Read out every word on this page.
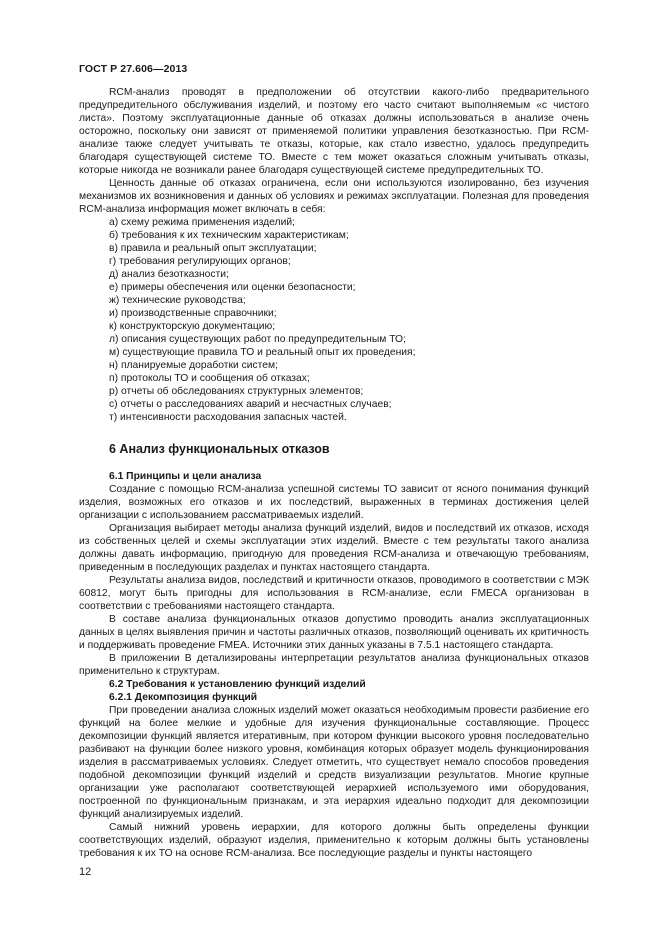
ГОСТ Р 27.606—2013

RCM-анализ проводят в предположении об отсутствии какого-либо предварительного предупредительного обслуживания изделий, и поэтому его часто считают выполняемым «с чистого листа». Поэтому эксплуатационные данные об отказах должны использоваться в анализе очень осторожно, поскольку они зависят от применяемой политики управления безотказностью. При RCM-анализе также следует учитывать те отказы, которые, как стало известно, удалось предупредить благодаря существующей системе ТО. Вместе с тем может оказаться сложным учитывать отказы, которые никогда не возникали ранее благодаря существующей системе предупредительных ТО.

Ценность данные об отказах ограничена, если они используются изолированно, без изучения механизмов их возникновения и данных об условиях и режимах эксплуатации. Полезная для проведения RCM-анализа информация может включать в себя:

а) схему режима применения изделий;
б) требования к их техническим характеристикам;
в) правила и реальный опыт эксплуатации;
г) требования регулирующих органов;
д) анализ безотказности;
е) примеры обеспечения или оценки безопасности;
ж) технические руководства;
и) производственные справочники;
к) конструкторскую документацию;
л) описания существующих работ по предупредительным ТО;
м) существующие правила ТО и реальный опыт их проведения;
н) планируемые доработки систем;
п) протоколы ТО и сообщения об отказах;
р) отчеты об обследованиях структурных элементов;
с) отчеты о расследованиях аварий и несчастных случаев;
т) интенсивности расходования запасных частей.
6 Анализ функциональных отказов
6.1 Принципы и цели анализа

Создание с помощью RCM-анализа успешной системы ТО зависит от ясного понимания функций изделия, возможных его отказов и их последствий, выраженных в терминах достижения целей организации с использованием рассматриваемых изделий.

Организация выбирает методы анализа функций изделий, видов и последствий их отказов, исходя из собственных целей и схемы эксплуатации этих изделий. Вместе с тем результаты такого анализа должны давать информацию, пригодную для проведения RCM-анализа и отвечающую требованиям, приведенным в последующих разделах и пунктах настоящего стандарта.

Результаты анализа видов, последствий и критичности отказов, проводимого в соответствии с МЭК 60812, могут быть пригодны для использования в RCM-анализе, если FMECA организован в соответствии с требованиями настоящего стандарта.

В составе анализа функциональных отказов допустимо проводить анализ эксплуатационных данных в целях выявления причин и частоты различных отказов, позволяющий оценивать их критичность и поддерживать проведение FMEA. Источники этих данных указаны в 7.5.1 настоящего стандарта.

В приложении В детализированы интерпретации результатов анализа функциональных отказов применительно к структурам.

6.2 Требования к установлению функций изделий
6.2.1 Декомпозиция функций

При проведении анализа сложных изделий может оказаться необходимым провести разбиение его функций на более мелкие и удобные для изучения функциональные составляющие. Процесс декомпозиции функций является итеративным, при котором функции высокого уровня последовательно разбивают на функции более низкого уровня, комбинация которых образует модель функционирования изделия в рассматриваемых условиях. Следует отметить, что существует немало способов проведения подобной декомпозиции функций изделий и средств визуализации результатов. Многие крупные организации уже располагают соответствующей иерархией используемого ими оборудования, построенной по функциональным признакам, и эта иерархия идеально подходит для декомпозиции функций анализируемых изделий.

Самый нижний уровень иерархии, для которого должны быть определены функции соответствующих изделий, образуют изделия, применительно к которым должны быть установлены требования к их ТО на основе RCM-анализа. Все последующие разделы и пункты настоящего

12
